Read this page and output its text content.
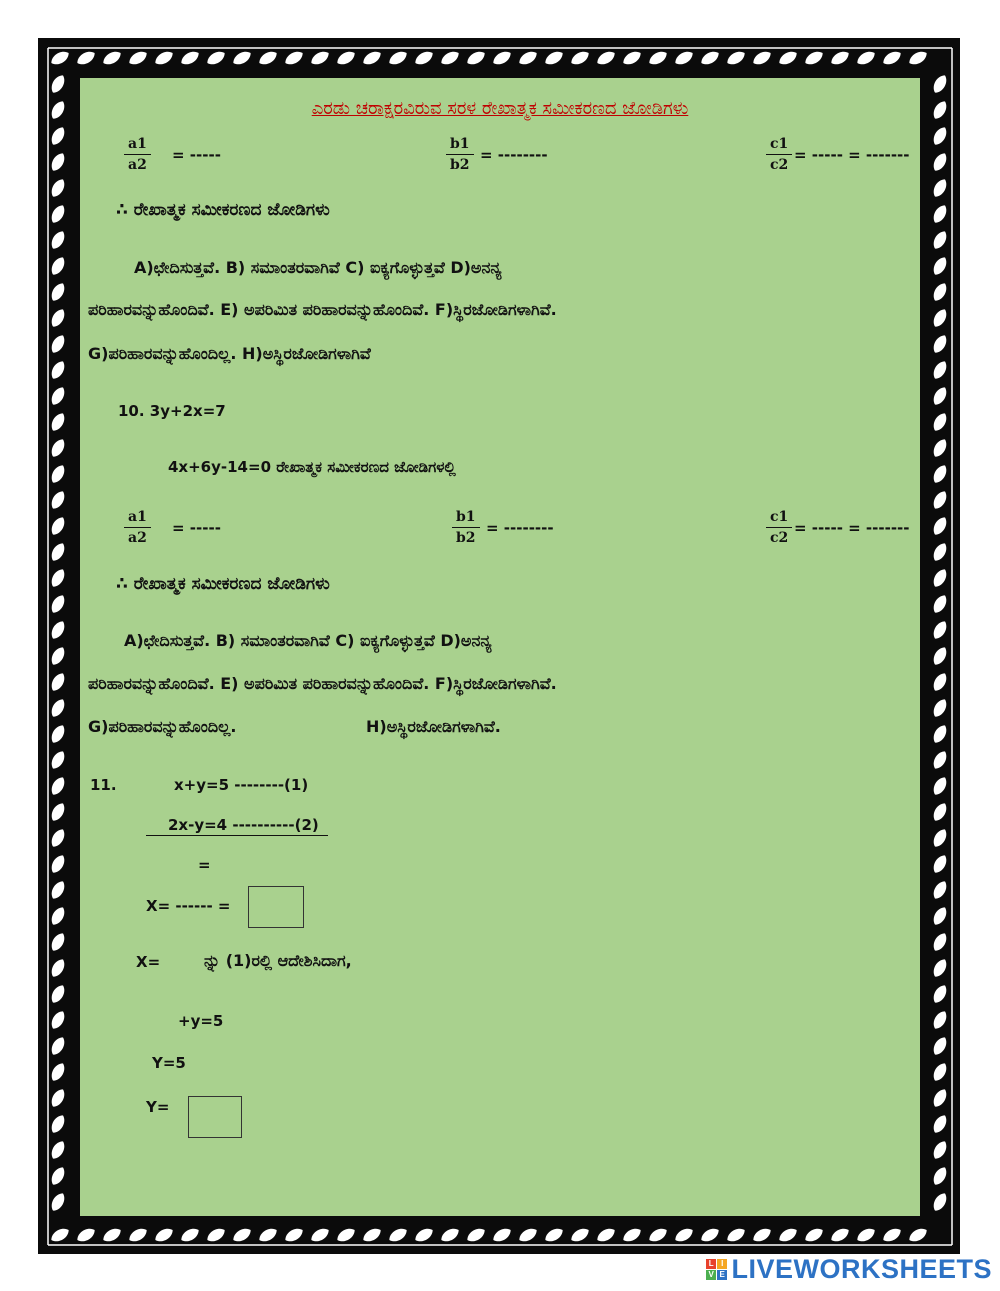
ಎರಡು ಚರಾಕ್ಷರವಿರುವ ಸರಳ ರೇಖಾತ್ಮಕ ಸಮೀಕರಣದ ಜೋಡಿಗಳು
$\frac{a1}{a2}$ = -----	$\frac{b1}{b2}$ = --------	$\frac{c1}{c2}$ = ----- = -------
∴ ರೇಖಾತ್ಮಕ ಸಮೀಕರಣದ ಜೋಡಿಗಳು
A)ಛೇದಿಸುತ್ತವೆ. B) ಸಮಾಂತರವಾಗಿವೆ C) ಐಕ್ಯಗೊಳ್ಳುತ್ತವೆ D)ಅನನ್ಯ
ಪರಿಹಾರವನ್ನುಹೊಂದಿವೆ. E) ಅಪರಿಮಿತ ಪರಿಹಾರವನ್ನುಹೊಂದಿವೆ. F)ಸ್ಥಿರಜೋಡಿಗಳಾಗಿವೆ.
G)ಪರಿಹಾರವನ್ನುಹೊಂದಿಲ್ಲ. H)ಅಸ್ಥಿರಜೋಡಿಗಳಾಗಿವೆ
10. 3y+2x=7
4x+6y-14=0 ರೇಖಾತ್ಮಕ ಸಮೀಕರಣದ ಜೋಡಿಗಳಲ್ಲಿ
$\frac{a1}{a2}$ = -----	$\frac{b1}{b2}$ = --------	$\frac{c1}{c2}$ = ----- = -------
∴ ರೇಖಾತ್ಮಕ ಸಮೀಕರಣದ ಜೋಡಿಗಳು
A)ಛೇದಿಸುತ್ತವೆ. B) ಸಮಾಂತರವಾಗಿವೆ C) ಐಕ್ಯಗೊಳ್ಳುತ್ತವೆ D)ಅನನ್ಯ
ಪರಿಹಾರವನ್ನುಹೊಂದಿವೆ. E) ಅಪರಿಮಿತ ಪರಿಹಾರವನ್ನುಹೊಂದಿವೆ. F)ಸ್ಥಿರಜೋಡಿಗಳಾಗಿವೆ.
G)ಪರಿಹಾರವನ್ನುಹೊಂದಿಲ್ಲ.	H)ಅಸ್ಥಿರಜೋಡಿಗಳಾಗಿವೆ.
11.	x+y=5 --------(1)
2x-y=4 ----------(2)
=
X= ------ =
X=	ನ್ನು (1)ರಲ್ಲಿ ಆದೇಶಿಸಿದಾಗ,
+y=5
Y=5
Y=
L I
V E LIVEWORKSHEETS
